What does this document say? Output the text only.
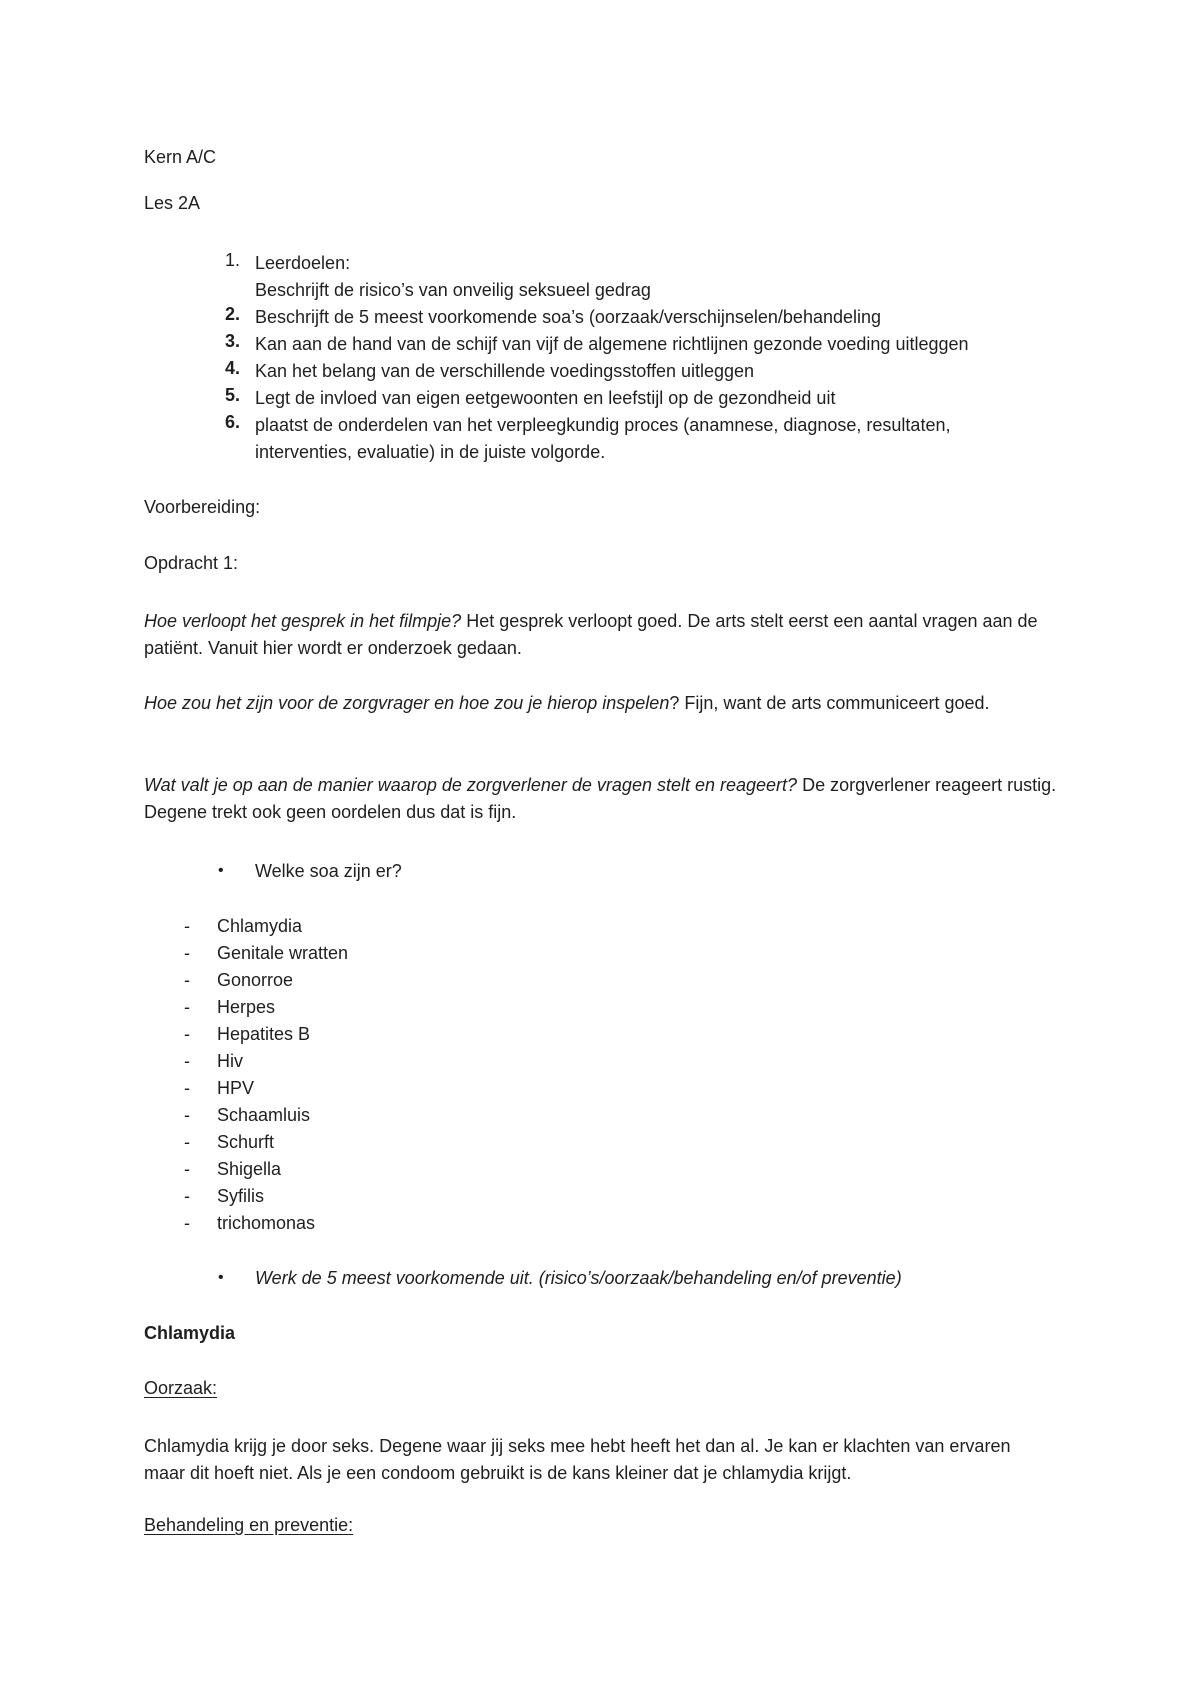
Kern A/C

Les 2A

1. Leerdoelen:
Beschrijft de risico’s van onveilig seksueel gedrag
2. Beschrijft de 5 meest voorkomende soa’s (oorzaak/verschijnselen/behandeling
3. Kan aan de hand van de schijf van vijf de algemene richtlijnen gezonde voeding uitleggen
4. Kan het belang van de verschillende voedingsstoffen uitleggen
5. Legt de invloed van eigen eetgewoonten en leefstijl op de gezondheid uit
6. plaatst de onderdelen van het verpleegkundig proces (anamnese, diagnose, resultaten,
interventies, evaluatie) in de juiste volgorde.

Voorbereiding:

Opdracht 1:

Hoe verloopt het gesprek in het filmpje? Het gesprek verloopt goed. De arts stelt eerst een aantal vragen aan de patiënt. Vanuit hier wordt er onderzoek gedaan.

Hoe zou het zijn voor de zorgvrager en hoe zou je hierop inspelen? Fijn, want de arts communiceert goed.

Wat valt je op aan de manier waarop de zorgverlener de vragen stelt en reageert? De zorgverlener reageert rustig. Degene trekt ook geen oordelen dus dat is fijn.

• Welke soa zijn er?

- Chlamydia
- Genitale wratten
- Gonorroe
- Herpes
- Hepatites B
- Hiv
- HPV
- Schaamluis
- Schurft
- Shigella
- Syfilis
- trichomonas
• Werk de 5 meest voorkomende uit. (risico’s/oorzaak/behandeling en/of preventie)

Chlamydia

Oorzaak:

Chlamydia krijg je door seks. Degene waar jij seks mee hebt heeft het dan al. Je kan er klachten van ervaren maar dit hoeft niet. Als je een condoom gebruikt is de kans kleiner dat je chlamydia krijgt.

Behandeling en preventie:
